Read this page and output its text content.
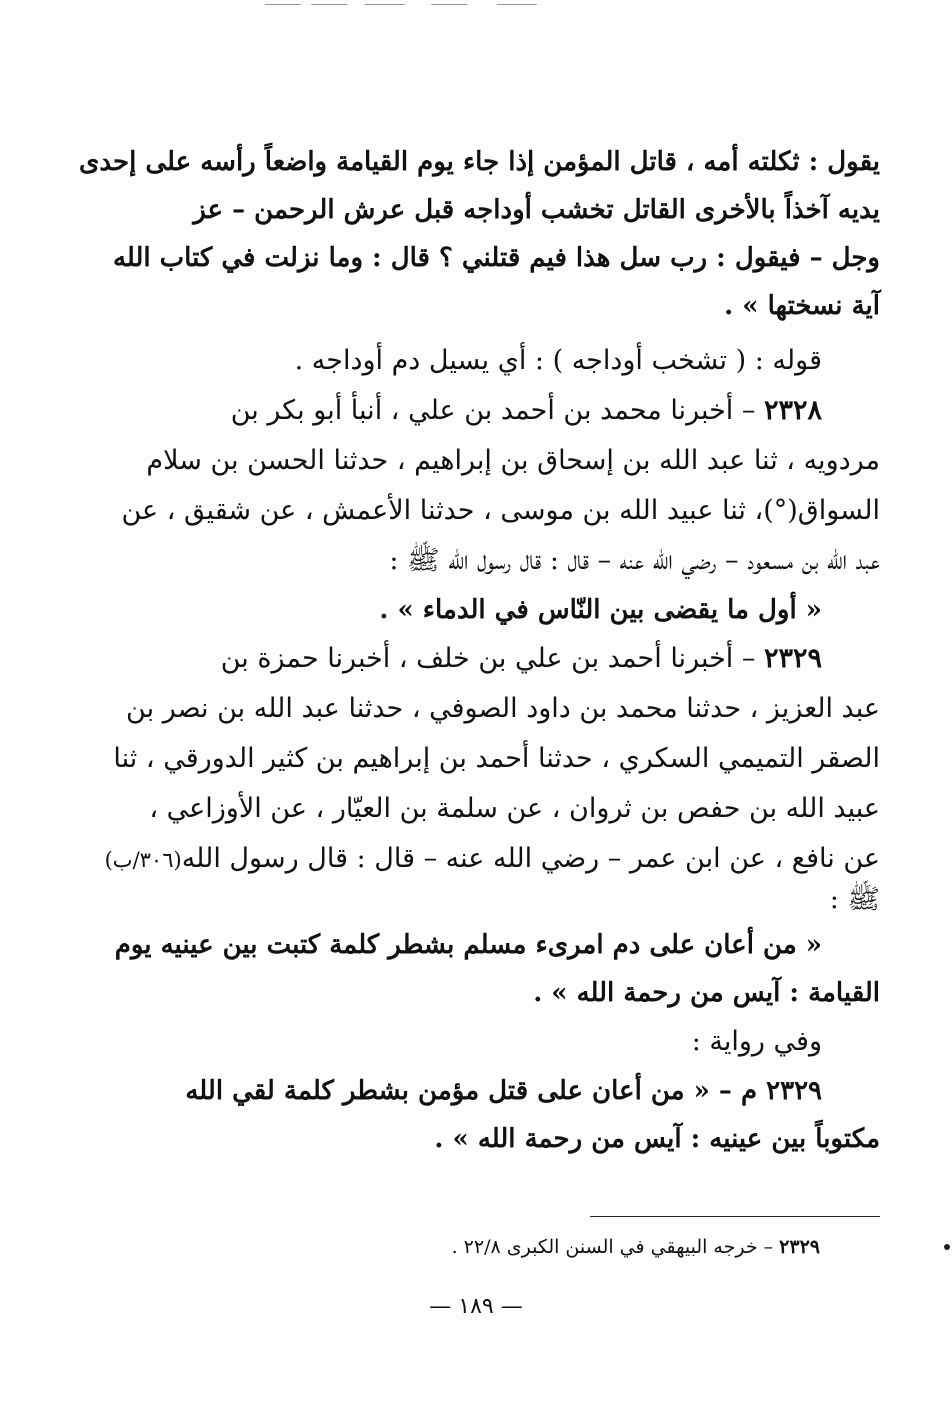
يقول : ثكلته أمه ، قاتل المؤمن إذا جاء يوم القيامة واضعاً رأسه على إحدى
يديه آخذاً بالأخرى القاتل تخشب أوداجه قبل عرش الرحمن – عز
وجل – فيقول : رب سل هذا فيم قتلني ؟ قال : وما نزلت في كتاب الله
آية نسختها » .
قوله : ( تشخب أوداجه ) : أي يسيل دم أوداجه .
٢٣٢٨ – أخبرنا محمد بن أحمد بن علي ، أنبأ أبو بكر بن
مردويه ، ثنا عبد الله بن إسحاق بن إبراهيم ، حدثنا الحسن بن سلام
السواق(°)، ثنا عبيد الله بن موسى ، حدثنا الأعمش ، عن شقيق ، عن
عبد الله بن مسعود – رضي الله عنه – قال : قال رسول الله ﷺ :
« أول ما يقضى بين النّاس في الدماء » .
٢٣٢٩ – أخبرنا أحمد بن علي بن خلف ، أخبرنا حمزة بن
عبد العزيز ، حدثنا محمد بن داود الصوفي ، حدثنا عبد الله بن نصر بن
الصقر التميمي السكري ، حدثنا أحمد بن إبراهيم بن كثير الدورقي ، ثنا
عبيد الله بن حفص بن ثروان ، عن سلمة بن العيّار ، عن الأوزاعي ،
عن نافع ، عن ابن عمر – رضي الله عنه – قال : قال رسول الله(٣٠٦/ب)
ﷺ :
« من أعان على دم امرىء مسلم بشطر كلمة كتبت بين عينيه يوم
القيامة : آيس من رحمة الله » .
وفي رواية :
٢٣٢٩ م – « من أعان على قتل مؤمن بشطر كلمة لقي الله
مكتوباً بين عينيه : آيس من رحمة الله » .
٢٣٢٩ – خرجه البيهقي في السنن الكبرى ٢٢/٨ .
— ١٨٩ —
